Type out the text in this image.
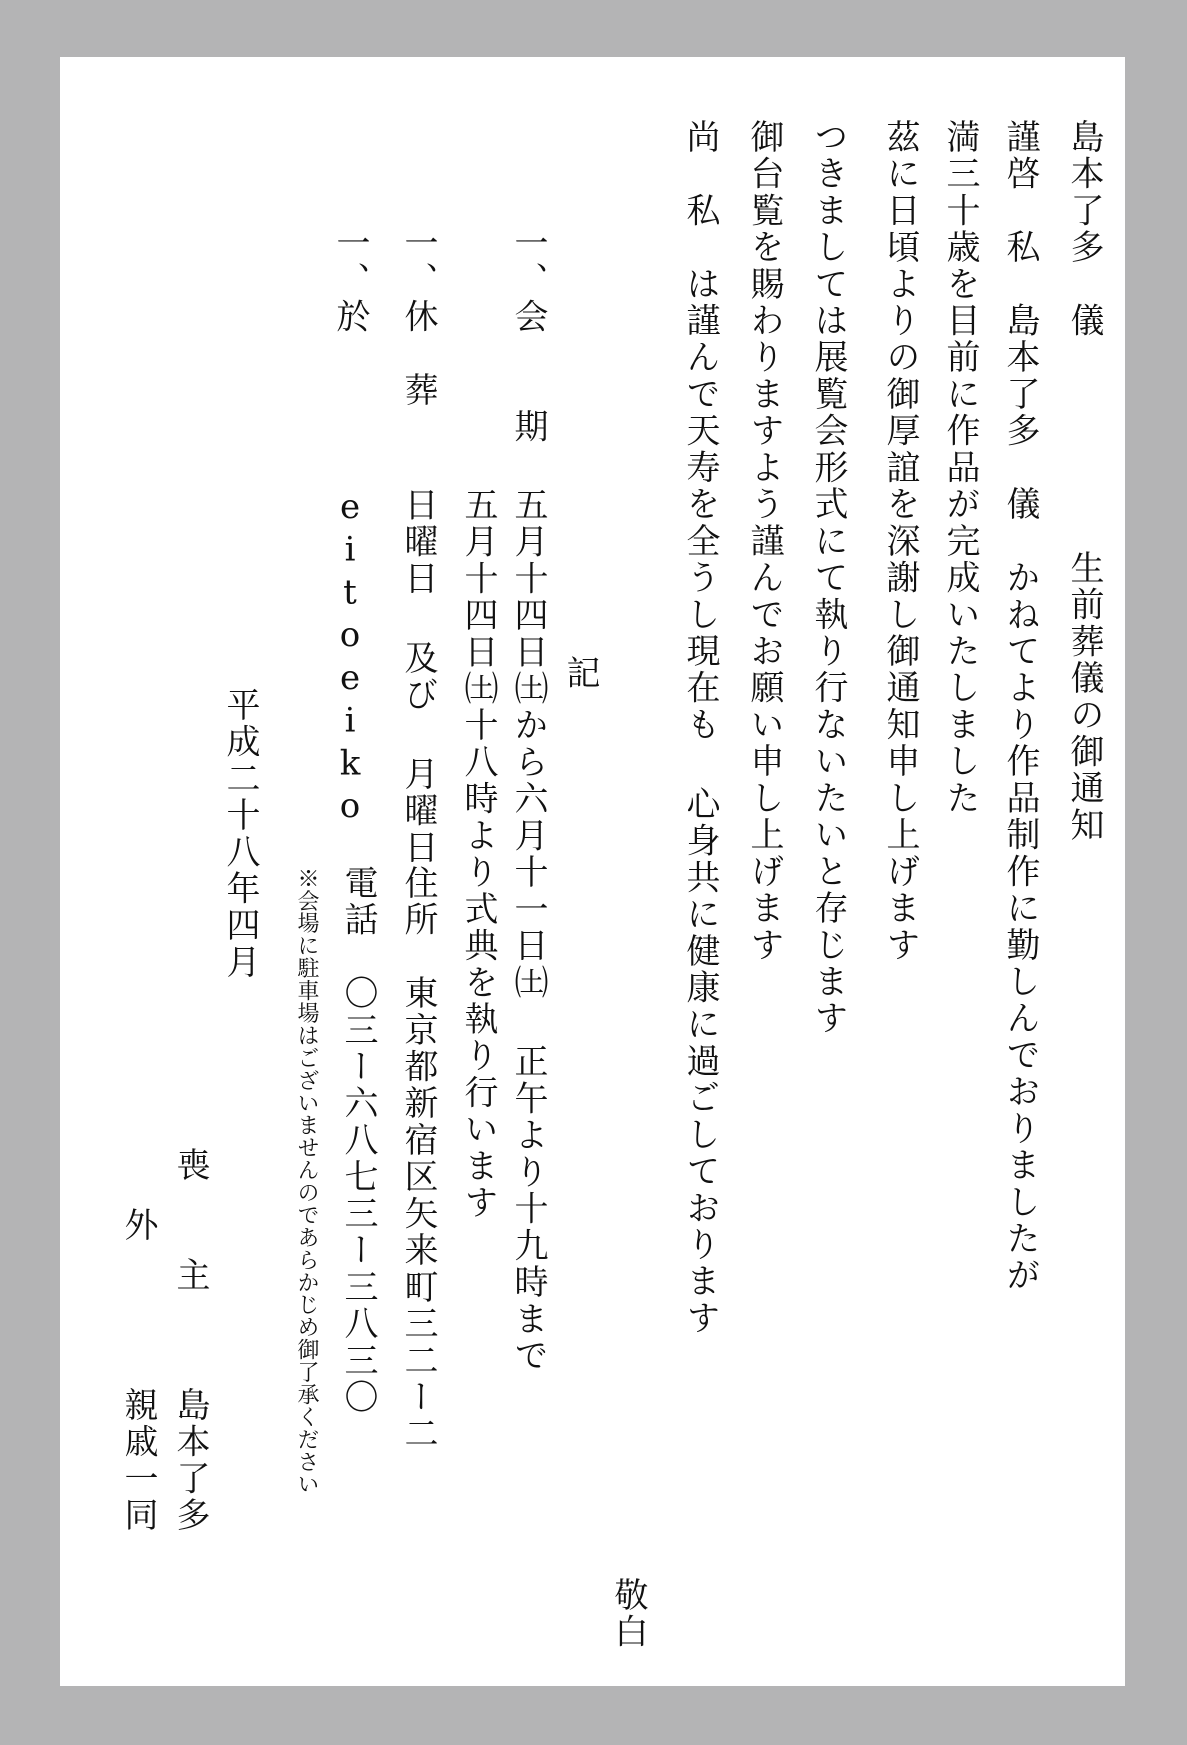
島本了多　儀
生前葬儀の御通知
謹啓　私　島本了多　儀　かねてより作品制作に勤しんでおりましたが
満三十歳を目前に作品が完成いたしました
茲に日頃よりの御厚誼を深謝し御通知申し上げます
つきましては展覧会形式にて執り行ないたいと存じます
御台覧を賜わりますよう謹んでお願い申し上げます
尚　私　は謹んで天寿を全うし現在も 心身共に健康に過ごしております
敬白
記
一、会　　期
五月十四日㈯から六月十一日㈯ 正午より十九時まで
五月十四日㈯十八時より式典を執り行います
一、休　葬
日曜日 及び 月曜日
一、於
eitoeiko
住所　東京都新宿区矢来町三二ー二
電話　〇三ー六八七三ー三八三〇
※会場に駐車場はございませんのであらかじめ御了承ください
平成二十八年四月
喪　　主
島本了多
外
親戚一同
